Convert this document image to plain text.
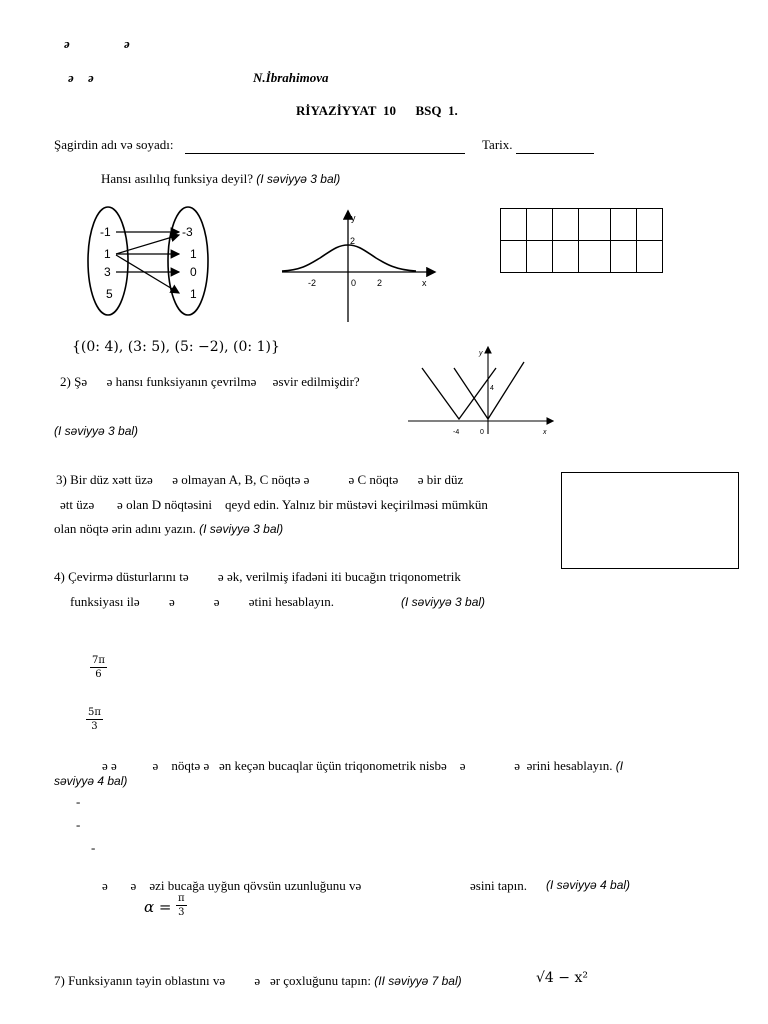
ə	ə
ə ə	N.İbrahimova
RİYAZİYYAT 10 BSQ 1.
Şagirdin adı və soyadı:	Tarix.
Hansı asılılıq funksiya deyil? (I səviyyə 3 bal)
-1
1
3
5
-3
1
0
1
y
x
2
-2	0 2
{(0: 4), (3: 5), (5: −2), (0: 1)}
2) Şə ə hansı funksiyanın çevrilmə əsvir edilmişdir?
(I səviyyə 3 bal)
y
x
4
-4	0
3) Bir düz xətt üzə ə olmayan A, B, C nöqtə ə	ə C nöqtə ə bir düz
ətt üzə ə olan D nöqtəsini qeyd edin. Yalnız bir müstəvi keçirilməsi mümkün
olan nöqtə ərin adını yazın. (I səviyyə 3 bal)
4) Çevirmə düsturlarını tə ə ək, verilmiş ifadəni iti bucağın triqonometrik
funksiyası ilə ə	ə ətini hesablayın.	(I səviyyə 3 bal)
$\frac{7\pi}{6}$
$\frac{5\pi}{3}$
ə ə	ə nöqtə ə ən keçən bucaqlar üçün triqonometrik nisbə ə	ə ərini hesablayın. (I
səviyyə 4 bal)
-
-
-
ə ə əzi bucağa uyğun qövsün uzunluğunu və	əsini tapın. (I səviyyə 4 bal)
$\alpha = \frac{\pi}{3}$
7) Funksiyanın təyin oblastını və ə ər çoxluğunu tapın: (II səviyyə 7 bal)	√4 − x²
